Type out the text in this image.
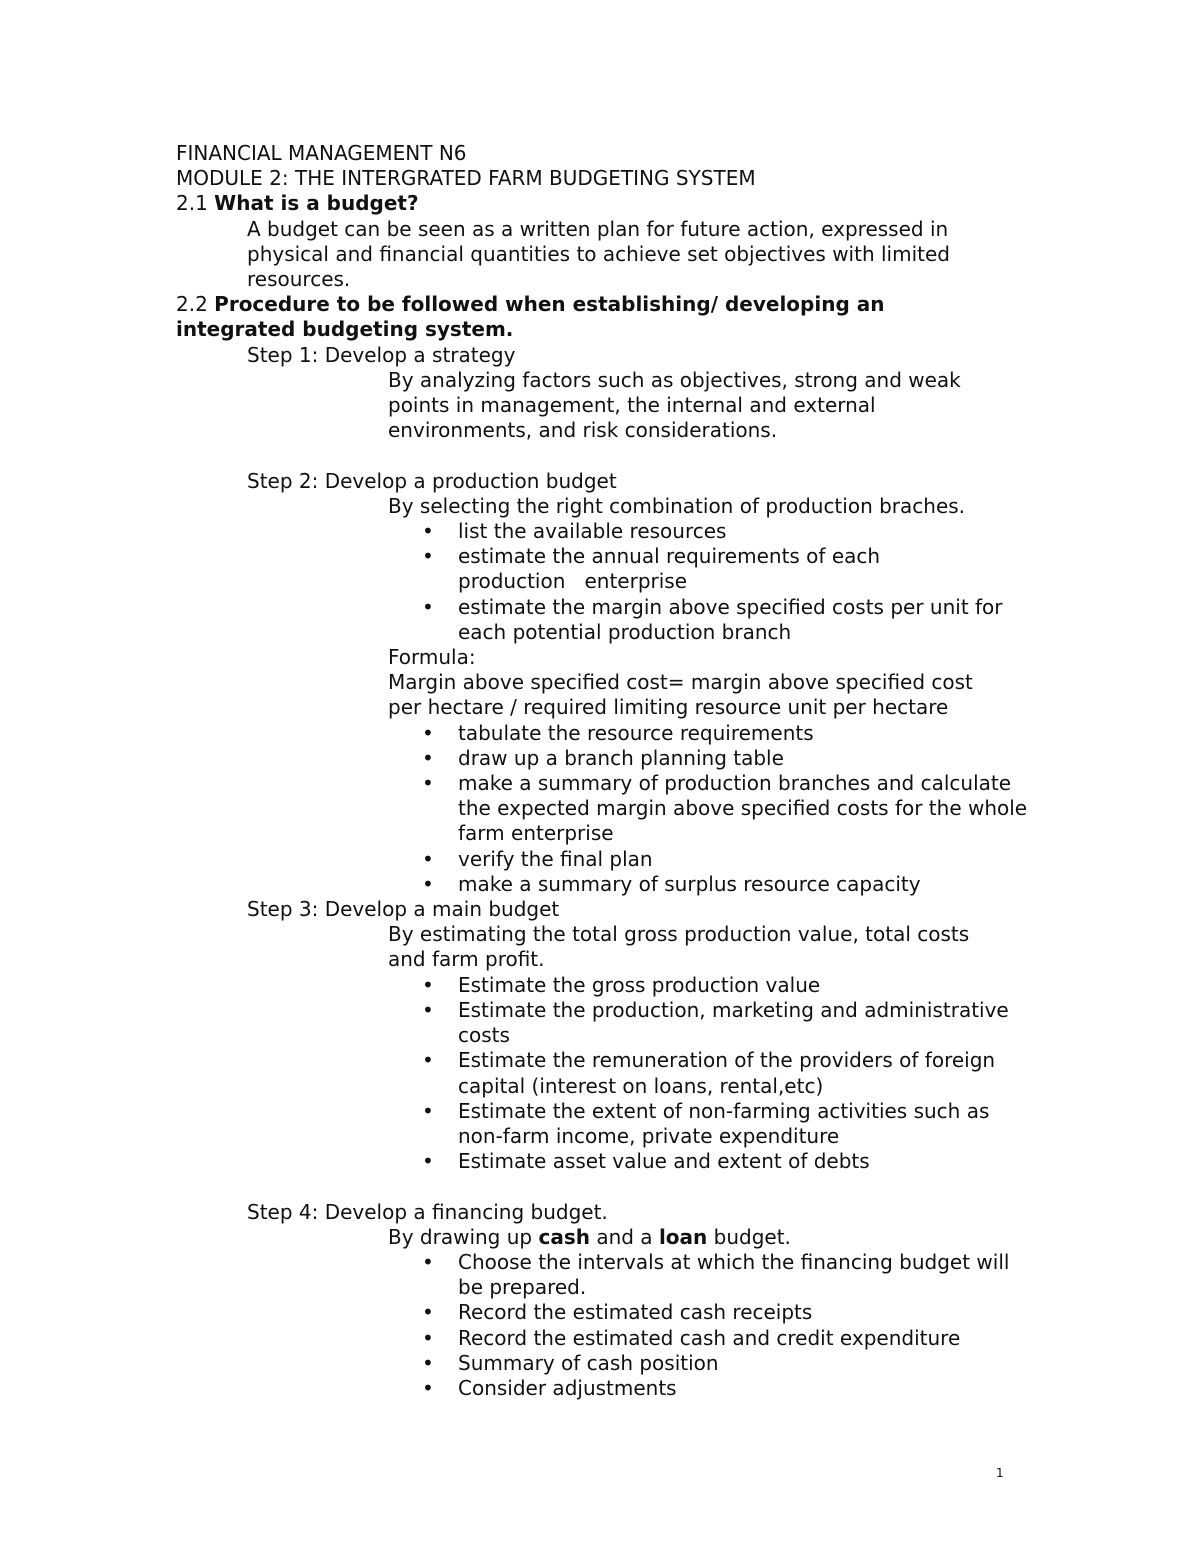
FINANCIAL MANAGEMENT N6

MODULE 2: THE INTERGRATED FARM BUDGETING SYSTEM

2.1 What is a budget?

A budget can be seen as a written plan for future action, expressed in

physical and financial quantities to achieve set objectives with limited

resources.

2.2 Procedure to be followed when establishing/ developing an

integrated budgeting system.

Step 1: Develop a strategy

By analyzing factors such as objectives, strong and weak

points in management, the internal and external

environments, and risk considerations.

Step 2: Develop a production budget

By selecting the right combination of production braches.

• list the available resources

• estimate the annual requirements of each production   enterprise

• estimate the margin above specified costs per unit for each potential production branch

Formula:

Margin above specified cost= margin above specified cost

per hectare / required limiting resource unit per hectare

• tabulate the resource requirements

• draw up a branch planning table

• make a summary of production branches and calculate the expected margin above specified costs for the whole farm enterprise

• verify the final plan

• make a summary of surplus resource capacity

Step 3: Develop a main budget

By estimating the total gross production value, total costs

and farm profit.

• Estimate the gross production value

• Estimate the production, marketing and administrative costs

• Estimate the remuneration of the providers of foreign capital (interest on loans, rental,etc)

• Estimate the extent of non-farming activities such as non-farm income, private expenditure

• Estimate asset value and extent of debts

Step 4: Develop a financing budget.

By drawing up cash and a loan budget.

• Choose the intervals at which the financing budget will be prepared.

• Record the estimated cash receipts

• Record the estimated cash and credit expenditure

• Summary of cash position

• Consider adjustments

1
